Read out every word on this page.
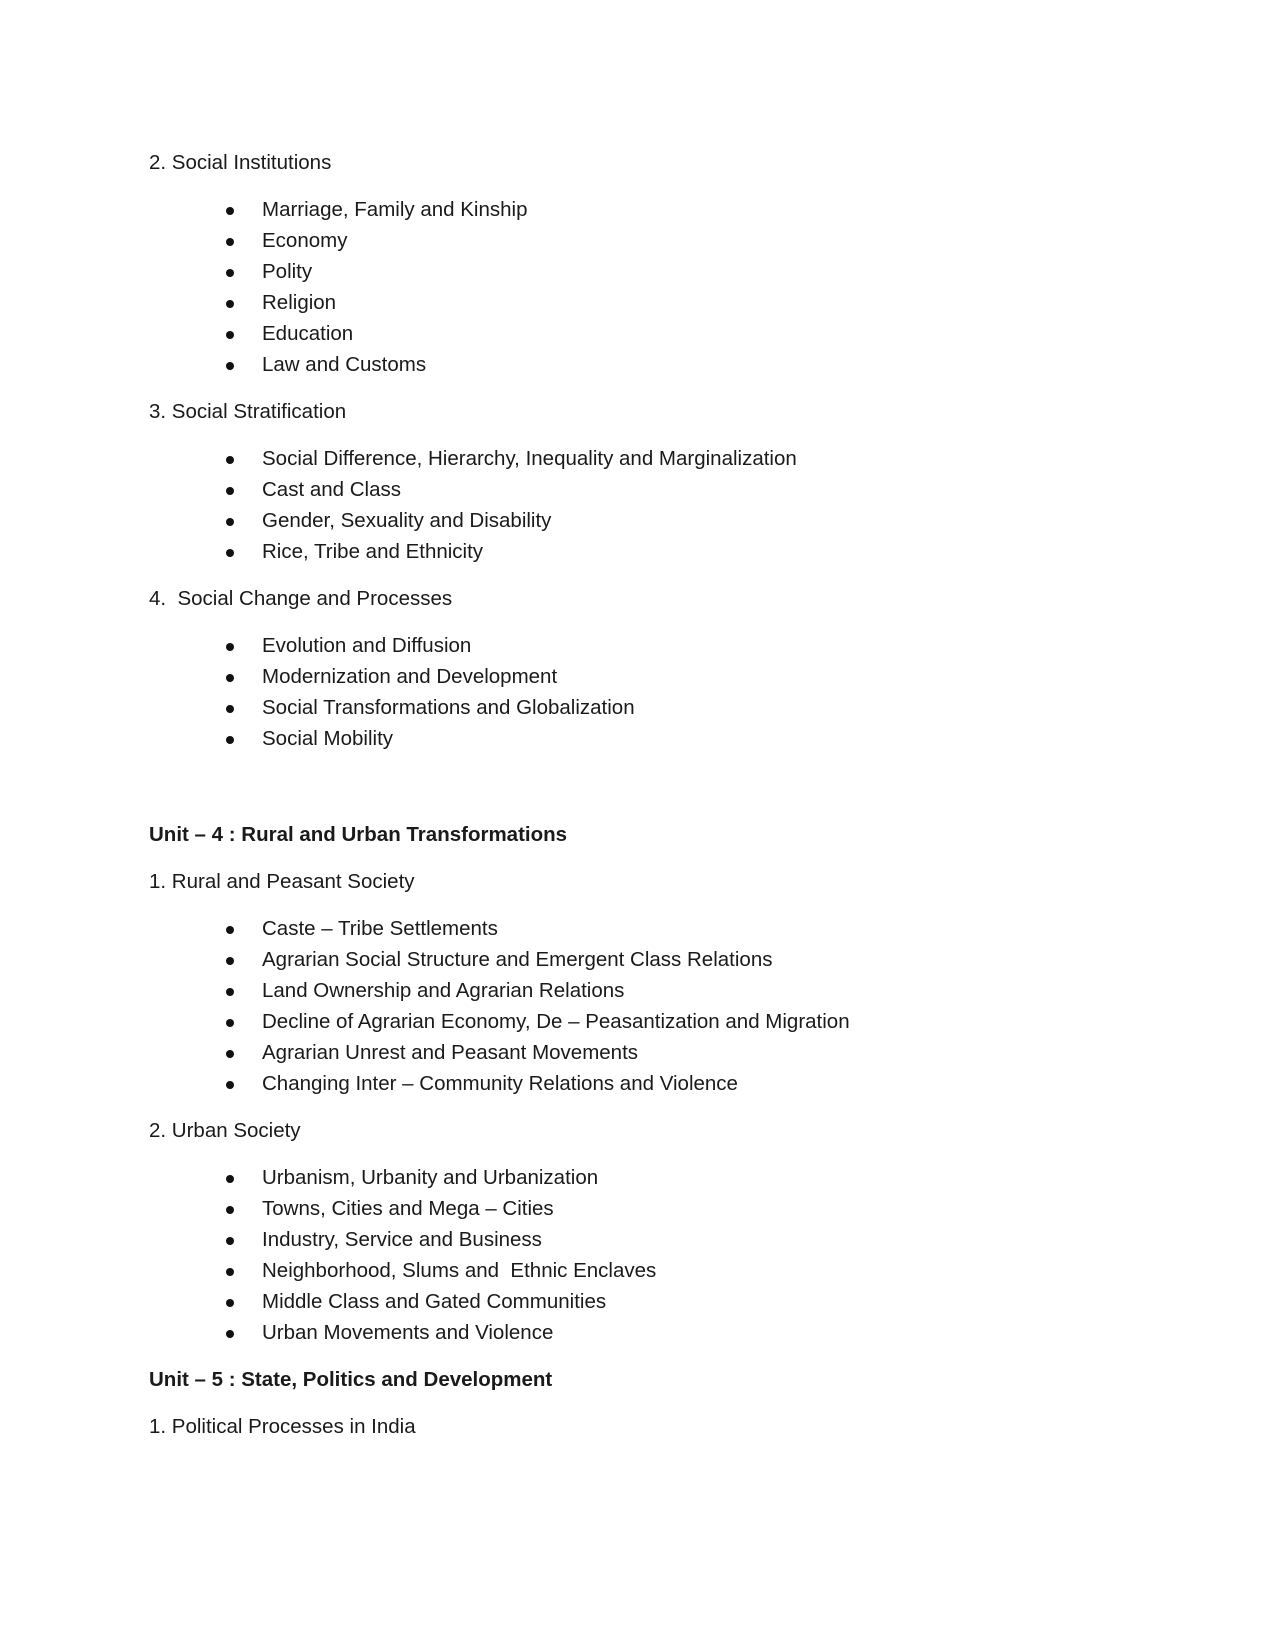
2. Social Institutions
Marriage, Family and Kinship
Economy
Polity
Religion
Education
Law and Customs
3. Social Stratification
Social Difference, Hierarchy, Inequality and Marginalization
Cast and Class
Gender, Sexuality and Disability
Rice, Tribe and Ethnicity
4.  Social Change and Processes
Evolution and Diffusion
Modernization and Development
Social Transformations and Globalization
Social Mobility
Unit – 4 : Rural and Urban Transformations
1. Rural and Peasant Society
Caste – Tribe Settlements
Agrarian Social Structure and Emergent Class Relations
Land Ownership and Agrarian Relations
Decline of Agrarian Economy, De – Peasantization and Migration
Agrarian Unrest and Peasant Movements
Changing Inter – Community Relations and Violence
2. Urban Society
Urbanism, Urbanity and Urbanization
Towns, Cities and Mega – Cities
Industry, Service and Business
Neighborhood, Slums and  Ethnic Enclaves
Middle Class and Gated Communities
Urban Movements and Violence
Unit – 5 : State, Politics and Development
1. Political Processes in India
